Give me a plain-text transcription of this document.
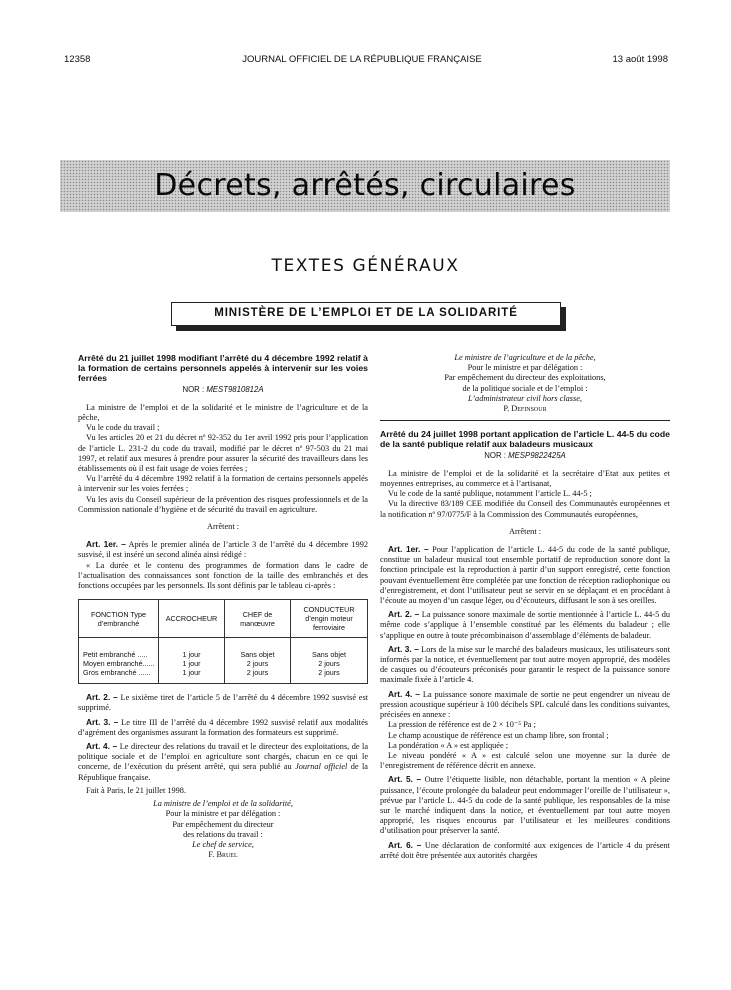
12358	JOURNAL OFFICIEL DE LA RÉPUBLIQUE FRANÇAISE	13 août 1998
Décrets, arrêtés, circulaires
TEXTES GÉNÉRAUX
MINISTÈRE DE L’EMPLOI ET DE LA SOLIDARITÉ
Arrêté du 21 juillet 1998 modifiant l’arrêté du 4 décembre 1992 relatif à la formation de certains personnels appelés à intervenir sur les voies ferrées
NOR : MEST9810812A

La ministre de l’emploi et de la solidarité et le ministre de l’agriculture et de la pêche,

Vu le code du travail ;

Vu les articles 20 et 21 du décret nº 92-352 du 1er avril 1992 pris pour l’application de l’article L. 231-2 du code du travail, modifié par le décret nº 97-503 du 21 mai 1997, et relatif aux mesures à prendre pour assurer la sécurité des travailleurs dans les établissements où il est fait usage de voies ferrées ;

Vu l’arrêté du 4 décembre 1992 relatif à la formation de certains personnels appelés à intervenir sur les voies ferrées ;

Vu les avis du Conseil supérieur de la prévention des risques professionnels et de la Commission nationale d’hygiène et de sécurité du travail en agriculture.

Arrêtent :

Art. 1er. – Après le premier alinéa de l’article 3 de l’arrêté du 4 décembre 1992 susvisé, il est inséré un second alinéa ainsi rédigé :

« La durée et le contenu des programmes de formation dans le cadre de l’actualisation des connaissances sont fonction de la taille des embranchés et des fonctions occupées par les personnels. Ils sont définis par le tableau ci-après :

FONCTION Type d’embranché	ACCROCHEUR	CHEF de manœuvre	CONDUCTEUR d’engin moteur ferroviaire

Petit embranché .....	1 jour	Sans objet	Sans objet
Moyen embranché......	1 jour	2 jours	2 jours
Gros embranché ......	1 jour	2 jours	2 jours

Art. 2. – Le sixième tiret de l’article 5 de l’arrêté du 4 décembre 1992 susvisé est supprimé.

Art. 3. – Le titre III de l’arrêté du 4 décembre 1992 susvisé relatif aux modalités d’agrément des organismes assurant la formation des formateurs est supprimé.

Art. 4. – Le directeur des relations du travail et le directeur des exploitations, de la politique sociale et de l’emploi en agriculture sont chargés, chacun en ce qui le concerne, de l’exécution du présent arrêté, qui sera publié au Journal officiel de la République française.

Fait à Paris, le 21 juillet 1998.

La ministre de l’emploi et de la solidarité,
Pour la ministre et par délégation :
Par empêchement du directeur
des relations du travail :
Le chef de service,
F. Bruel
Le ministre de l’agriculture et de la pêche,
Pour le ministre et par délégation :
Par empêchement du directeur des exploitations,
de la politique sociale et de l’emploi :
L’administrateur civil hors classe,
P. Definsour
Arrêté du 24 juillet 1998 portant application de l’article L. 44-5 du code de la santé publique relatif aux baladeurs musicaux
NOR : MESP9822425A

La ministre de l’emploi et de la solidarité et la secrétaire d’Etat aux petites et moyennes entreprises, au commerce et à l’artisanat,

Vu le code de la santé publique, notamment l’article L. 44-5 ;

Vu la directive 83/189 CEE modifiée du Conseil des Communautés européennes et la notification nº 97/0775/F à la Commission des Communautés européennes,

Arrêtent :

Art. 1er. – Pour l’application de l’article L. 44-5 du code de la santé publique, constitue un baladeur musical tout ensemble portatif de reproduction sonore dont la fonction principale est la reproduction à partir d’un support enregistré, cette fonction pouvant éventuellement être complétée par une fonction de réception radiophonique ou d’enregistrement, et dont l’utilisateur peut se servir en se déplaçant et en procédant à l’écoute au moyen d’un casque léger, ou d’écouteurs, diffusant le son à ses oreilles.

Art. 2. – La puissance sonore maximale de sortie mentionnée à l’article L. 44-5 du même code s’applique à l’ensemble constitué par les éléments du baladeur ; elle s’applique en outre à toute précombinaison d’assemblage d’éléments de baladeur.

Art. 3. – Lors de la mise sur le marché des baladeurs musicaux, les utilisateurs sont informés par la notice, et éventuellement par tout autre moyen approprié, des modèles de casques ou d’écouteurs préconisés pour garantir le respect de la puissance sonore maximale fixée à l’article 4.

Art. 4. – La puissance sonore maximale de sortie ne peut engendrer un niveau de pression acoustique supérieur à 100 décibels SPL calculé dans les conditions suivantes, précisées en annexe :

La pression de référence est de 2 × 10⁻⁵ Pa ;

Le champ acoustique de référence est un champ libre, son frontal ;

La pondération « A » est appliquée ;

Le niveau pondéré « A » est calculé selon une moyenne sur la durée de l’enregistrement de référence décrit en annexe.

Art. 5. – Outre l’étiquette lisible, non détachable, portant la mention « A pleine puissance, l’écoute prolongée du baladeur peut endommager l’oreille de l’utilisateur », prévue par l’article L. 44-5 du code de la santé publique, les responsables de la mise sur le marché indiquent dans la notice, et éventuellement par tout autre moyen approprié, les risques encourus par l’utilisateur et les meilleures conditions d’utilisation pour préserver la santé.

Art. 6. – Une déclaration de conformité aux exigences de l’article 4 du présent arrêté doit être présentée aux autorités chargées
